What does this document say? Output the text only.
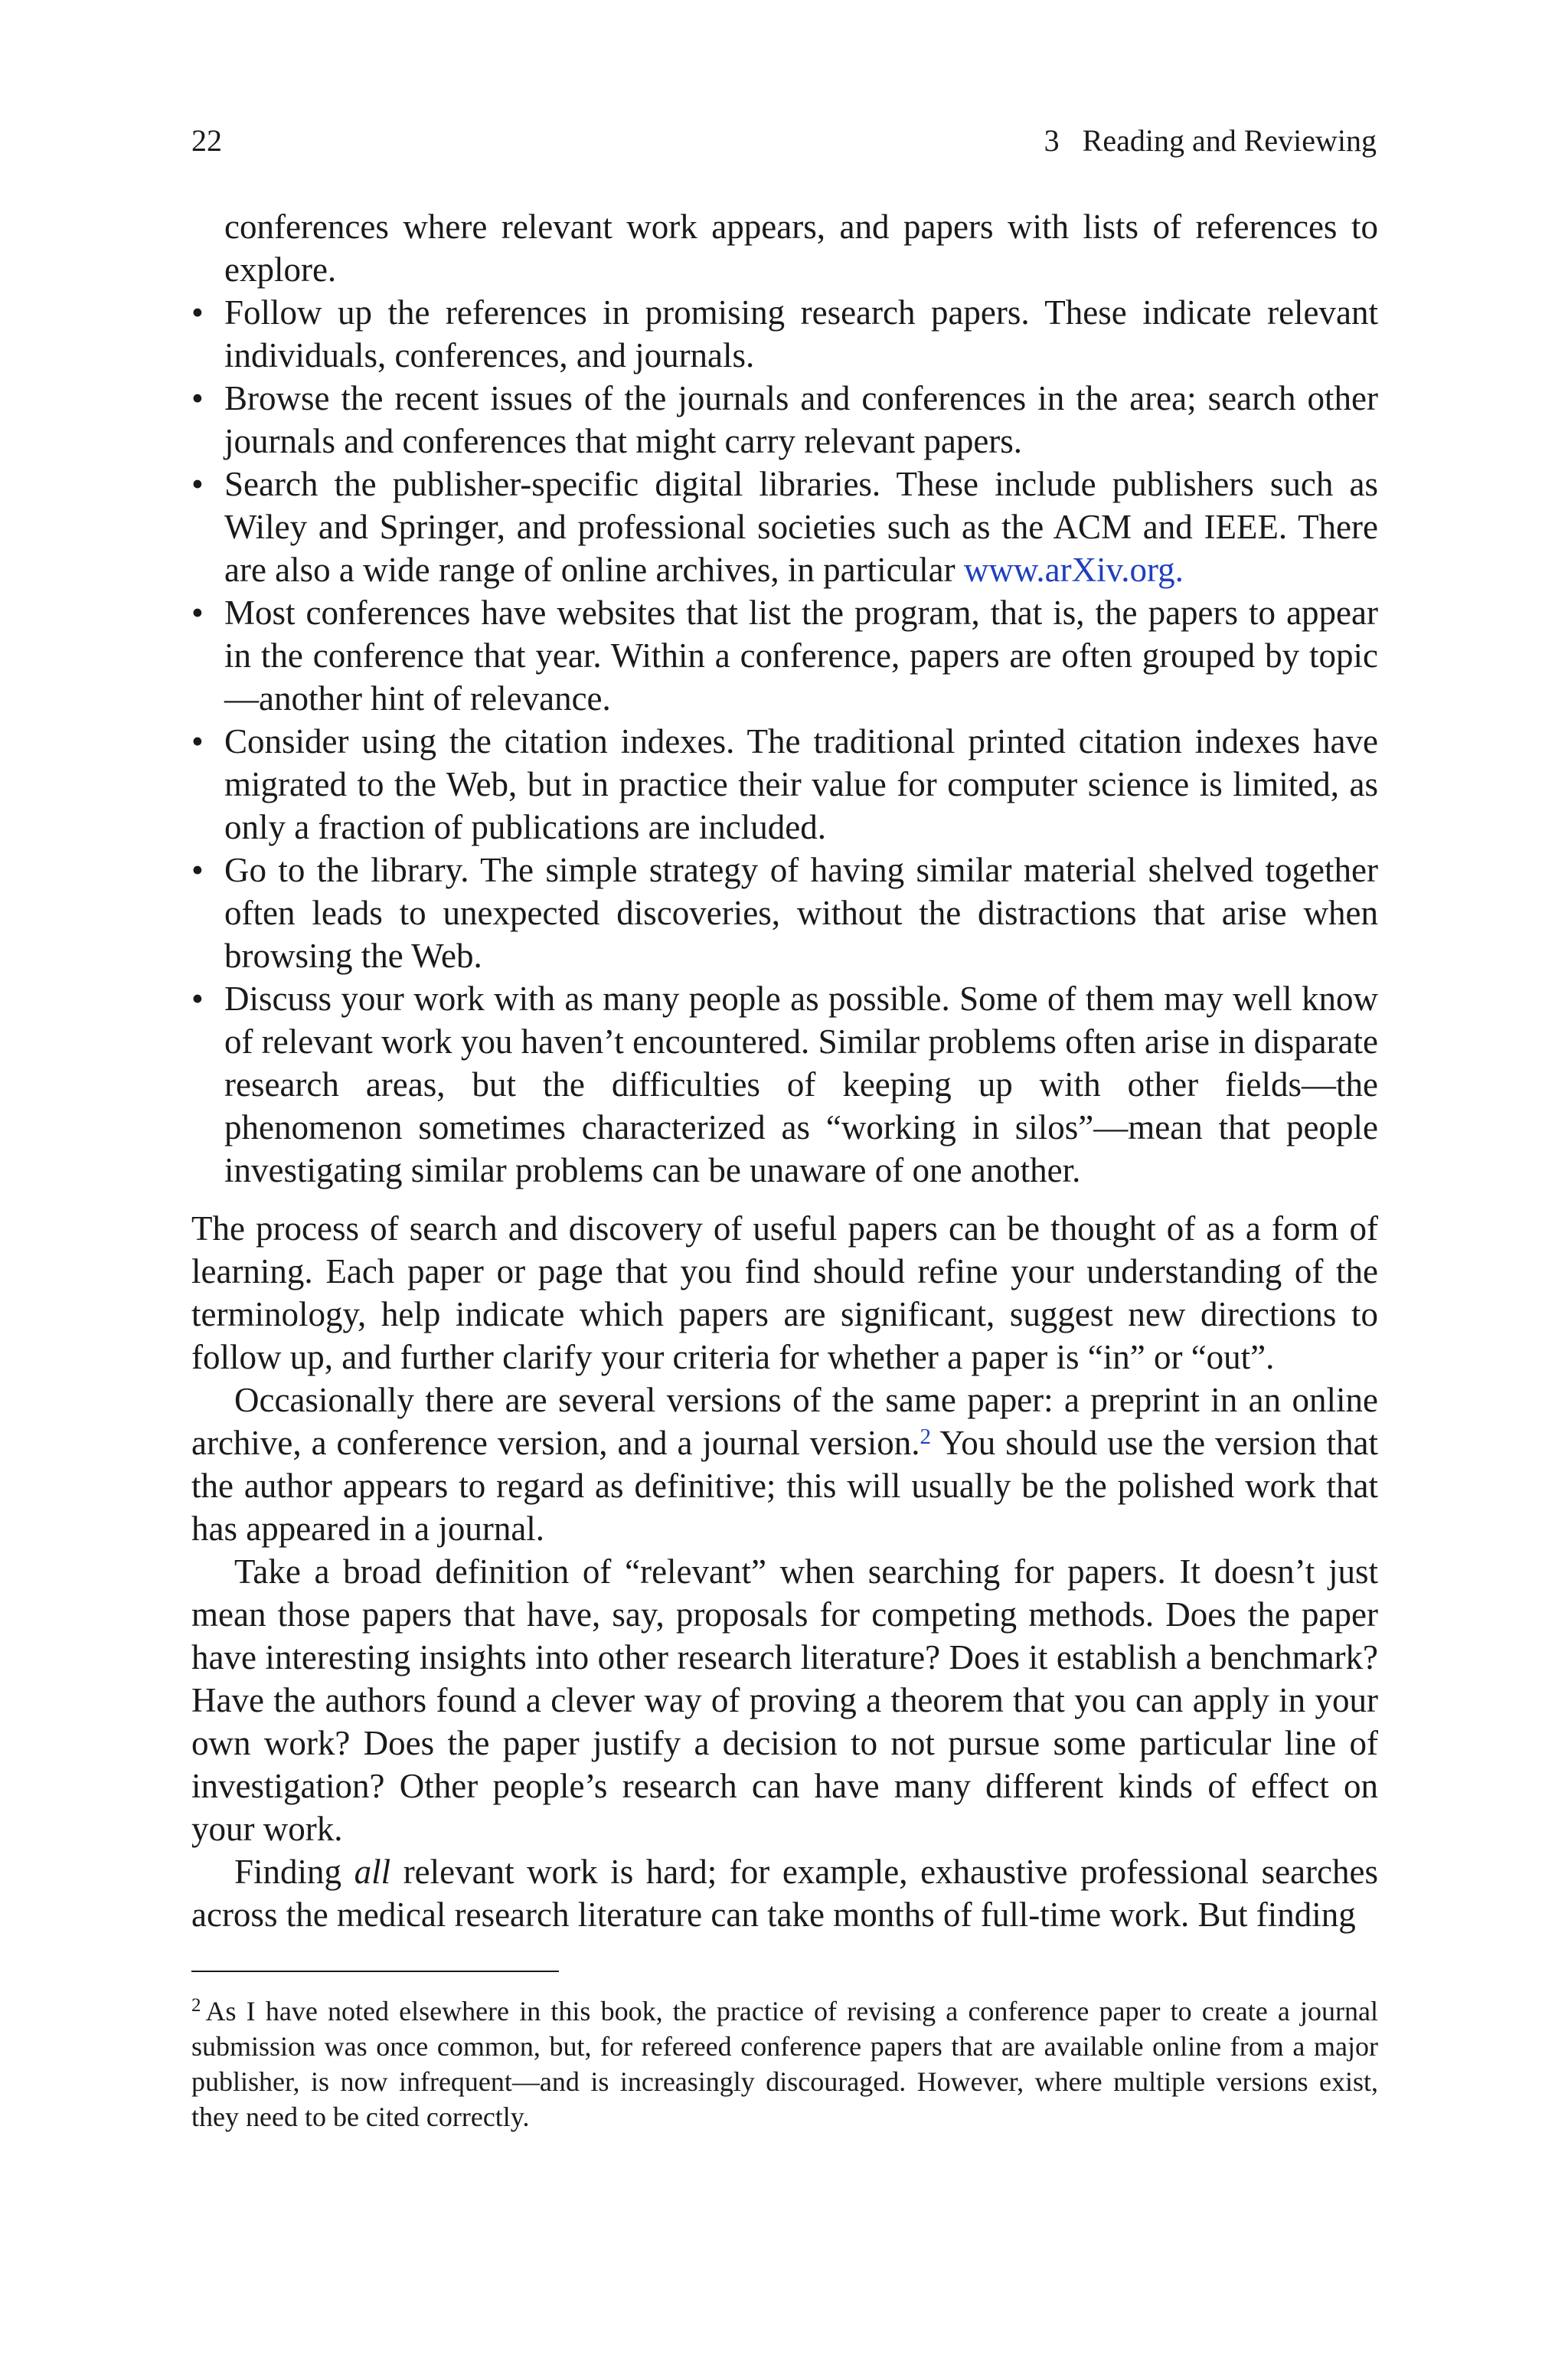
22	3   Reading and Reviewing

conferences where relevant work appears, and papers with lists of references to explore.

• Follow up the references in promising research papers. These indicate relevant individuals, conferences, and journals.
• Browse the recent issues of the journals and conferences in the area; search other journals and conferences that might carry relevant papers.
• Search the publisher-specific digital libraries. These include publishers such as Wiley and Springer, and professional societies such as the ACM and IEEE. There are also a wide range of online archives, in particular www.arXiv.org.
• Most conferences have websites that list the program, that is, the papers to appear in the conference that year. Within a conference, papers are often grouped by topic—another hint of relevance.
• Consider using the citation indexes. The traditional printed citation indexes have migrated to the Web, but in practice their value for computer science is limited, as only a fraction of publications are included.
• Go to the library. The simple strategy of having similar material shelved together often leads to unexpected discoveries, without the distractions that arise when browsing the Web.
• Discuss your work with as many people as possible. Some of them may well know of relevant work you haven’t encountered. Similar problems often arise in disparate research areas, but the difficulties of keeping up with other fields—the phenomenon sometimes characterized as “working in silos”—mean that people investigating similar problems can be unaware of one another.

The process of search and discovery of useful papers can be thought of as a form of learning. Each paper or page that you find should refine your understanding of the terminology, help indicate which papers are significant, suggest new directions to follow up, and further clarify your criteria for whether a paper is “in” or “out”.

Occasionally there are several versions of the same paper: a preprint in an online archive, a conference version, and a journal version.$^2$ You should use the version that the author appears to regard as definitive; this will usually be the polished work that has appeared in a journal.

Take a broad definition of “relevant” when searching for papers. It doesn’t just mean those papers that have, say, proposals for competing methods. Does the paper have interesting insights into other research literature? Does it establish a benchmark? Have the authors found a clever way of proving a theorem that you can apply in your own work? Does the paper justify a decision to not pursue some particular line of investigation? Other people’s research can have many different kinds of effect on your work.

Finding all relevant work is hard; for example, exhaustive professional searches across the medical research literature can take months of full-time work. But finding

$^2$ As I have noted elsewhere in this book, the practice of revising a conference paper to create a journal submission was once common, but, for refereed conference papers that are available online from a major publisher, is now infrequent—and is increasingly discouraged. However, where multiple versions exist, they need to be cited correctly.
